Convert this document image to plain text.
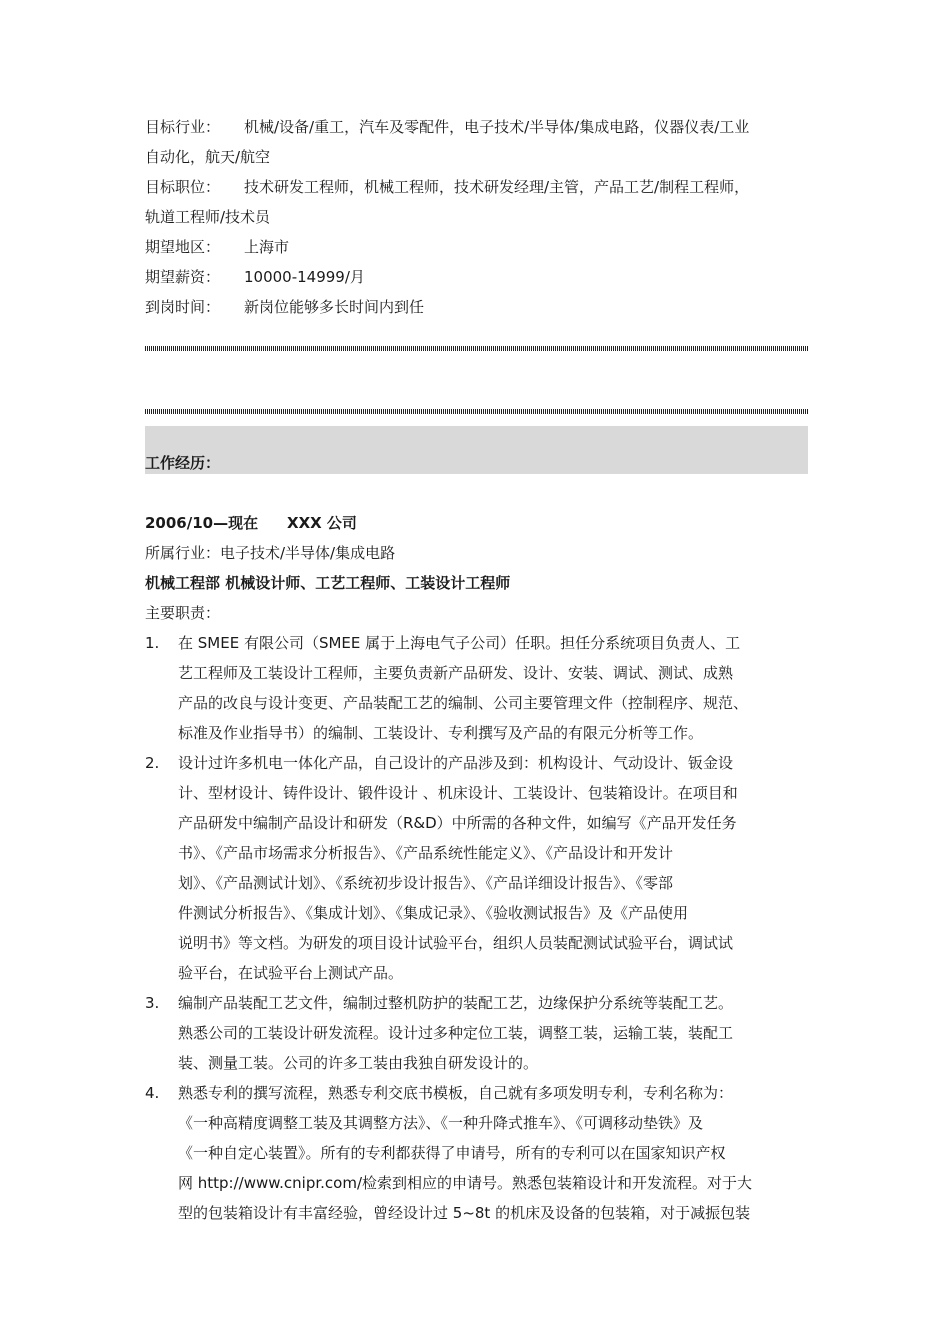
目标行业：	机械/设备/重工，汽车及零配件，电子技术/半导体/集成电路，仪器仪表/工业
自动化，航天/航空
目标职位：	技术研发工程师，机械工程师，技术研发经理/主管，产品工艺/制程工程师，
轨道工程师/技术员
期望地区： 上海市
期望薪资： 10000-14999/月
到岗时间： 新岗位能够多长时间内到任
工作经历：
2006/10—现在 XXX 公司
所属行业：电子技术/半导体/集成电路
机械工程部 机械设计师、工艺工程师、工装设计工程师
主要职责：
1. 在 SMEE 有限公司（SMEE 属于上海电气子公司）任职。担任分系统项目负责人、工
艺工程师及工装设计工程师，主要负责新产品研发、设计、安装、调试、测试、成熟
产品的改良与设计变更、产品装配工艺的编制、公司主要管理文件（控制程序、规范、
标准及作业指导书）的编制、工装设计、专利撰写及产品的有限元分析等工作。
2. 设计过许多机电一体化产品，自己设计的产品涉及到：机构设计、气动设计、钣金设
计、型材设计、铸件设计、锻件设计 、机床设计、工装设计、包装箱设计。在项目和
产品研发中编制产品设计和研发（R&D）中所需的各种文件，如编写《产品开发任务
书》、《产品市场需求分析报告》、《产品系统性能定义》、《产品设计和开发计
划》、《产品测试计划》、《系统初步设计报告》、《产品详细设计报告》、《零部
件测试分析报告》、《集成计划》、《集成记录》、《验收测试报告》及《产品使用
说明书》等文档。为研发的项目设计试验平台，组织人员装配测试试验平台，调试试
验平台，在试验平台上测试产品。
3. 编制产品装配工艺文件，编制过整机防护的装配工艺，边缘保护分系统等装配工艺。
熟悉公司的工装设计研发流程。设计过多种定位工装，调整工装，运输工装，装配工
装、测量工装。公司的许多工装由我独自研发设计的。
4. 熟悉专利的撰写流程，熟悉专利交底书模板，自己就有多项发明专利，专利名称为：
《一种高精度调整工装及其调整方法》、《一种升降式推车》、《可调移动垫铁》及
《一种自定心装置》。所有的专利都获得了申请号，所有的专利可以在国家知识产权
网 http://www.cnipr.com/检索到相应的申请号。熟悉包装箱设计和开发流程。对于大
型的包装箱设计有丰富经验，曾经设计过 5~8t 的机床及设备的包装箱，对于减振包装
